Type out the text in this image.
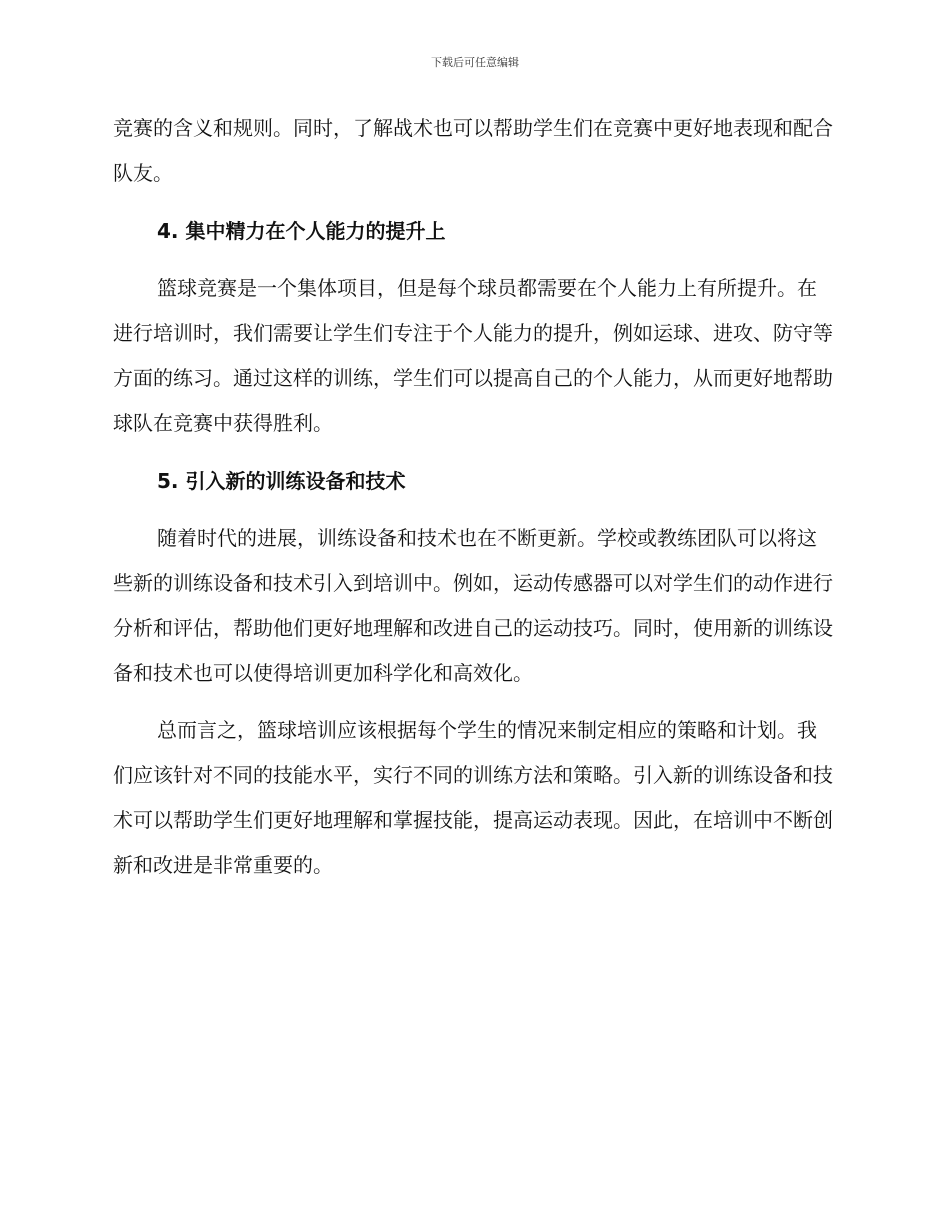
下载后可任意编辑

竞赛的含义和规则。同时，了解战术也可以帮助学生们在竞赛中更好地表现和配合队友。

4. 集中精力在个人能力的提升上

篮球竞赛是一个集体项目，但是每个球员都需要在个人能力上有所提升。在进行培训时，我们需要让学生们专注于个人能力的提升，例如运球、进攻、防守等方面的练习。通过这样的训练，学生们可以提高自己的个人能力，从而更好地帮助球队在竞赛中获得胜利。

5. 引入新的训练设备和技术

随着时代的进展，训练设备和技术也在不断更新。学校或教练团队可以将这些新的训练设备和技术引入到培训中。例如，运动传感器可以对学生们的动作进行分析和评估，帮助他们更好地理解和改进自己的运动技巧。同时，使用新的训练设备和技术也可以使得培训更加科学化和高效化。

总而言之，篮球培训应该根据每个学生的情况来制定相应的策略和计划。我们应该针对不同的技能水平，实行不同的训练方法和策略。引入新的训练设备和技术可以帮助学生们更好地理解和掌握技能，提高运动表现。因此，在培训中不断创新和改进是非常重要的。
